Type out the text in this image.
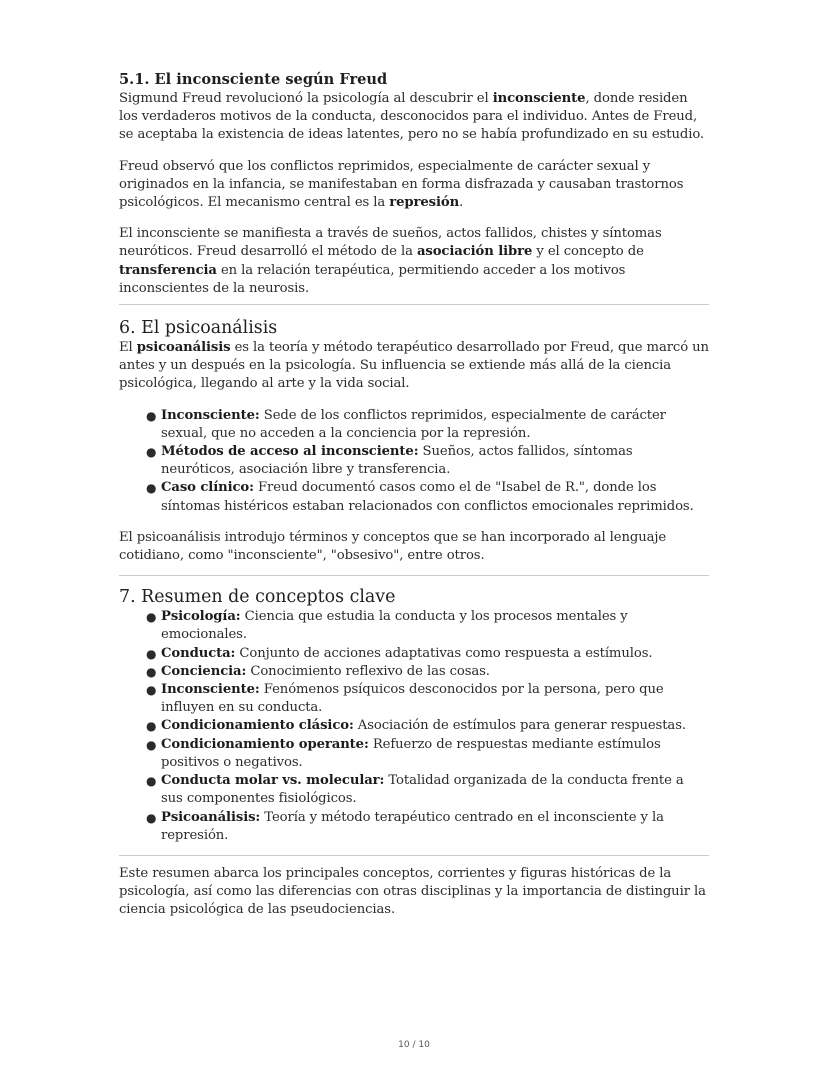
5.1. El inconsciente según Freud

Sigmund Freud revolucionó la psicología al descubrir el inconsciente, donde residen los verdaderos motivos de la conducta, desconocidos para el individuo. Antes de Freud, se aceptaba la existencia de ideas latentes, pero no se había profundizado en su estudio.

Freud observó que los conflictos reprimidos, especialmente de carácter sexual y originados en la infancia, se manifestaban en forma disfrazada y causaban trastornos psicológicos. El mecanismo central es la represión.

El inconsciente se manifiesta a través de sueños, actos fallidos, chistes y síntomas neuróticos. Freud desarrolló el método de la asociación libre y el concepto de transferencia en la relación terapéutica, permitiendo acceder a los motivos inconscientes de la neurosis.

6. El psicoanálisis

El psicoanálisis es la teoría y método terapéutico desarrollado por Freud, que marcó un antes y un después en la psicología. Su influencia se extiende más allá de la ciencia psicológica, llegando al arte y la vida social.

● Inconsciente: Sede de los conflictos reprimidos, especialmente de carácter sexual, que no acceden a la conciencia por la represión.
● Métodos de acceso al inconsciente: Sueños, actos fallidos, síntomas neuróticos, asociación libre y transferencia.
● Caso clínico: Freud documentó casos como el de "Isabel de R.", donde los síntomas histéricos estaban relacionados con conflictos emocionales reprimidos.

El psicoanálisis introdujo términos y conceptos que se han incorporado al lenguaje cotidiano, como "inconsciente", "obsesivo", entre otros.

7. Resumen de conceptos clave
● Psicología: Ciencia que estudia la conducta y los procesos mentales y emocionales.
● Conducta: Conjunto de acciones adaptativas como respuesta a estímulos.
● Conciencia: Conocimiento reflexivo de las cosas.
● Inconsciente: Fenómenos psíquicos desconocidos por la persona, pero que influyen en su conducta.
● Condicionamiento clásico: Asociación de estímulos para generar respuestas.
● Condicionamiento operante: Refuerzo de respuestas mediante estímulos positivos o negativos.
● Conducta molar vs. molecular: Totalidad organizada de la conducta frente a sus componentes fisiológicos.
● Psicoanálisis: Teoría y método terapéutico centrado en el inconsciente y la represión.

Este resumen abarca los principales conceptos, corrientes y figuras históricas de la psicología, así como las diferencias con otras disciplinas y la importancia de distinguir la ciencia psicológica de las pseudociencias.

10 / 10
